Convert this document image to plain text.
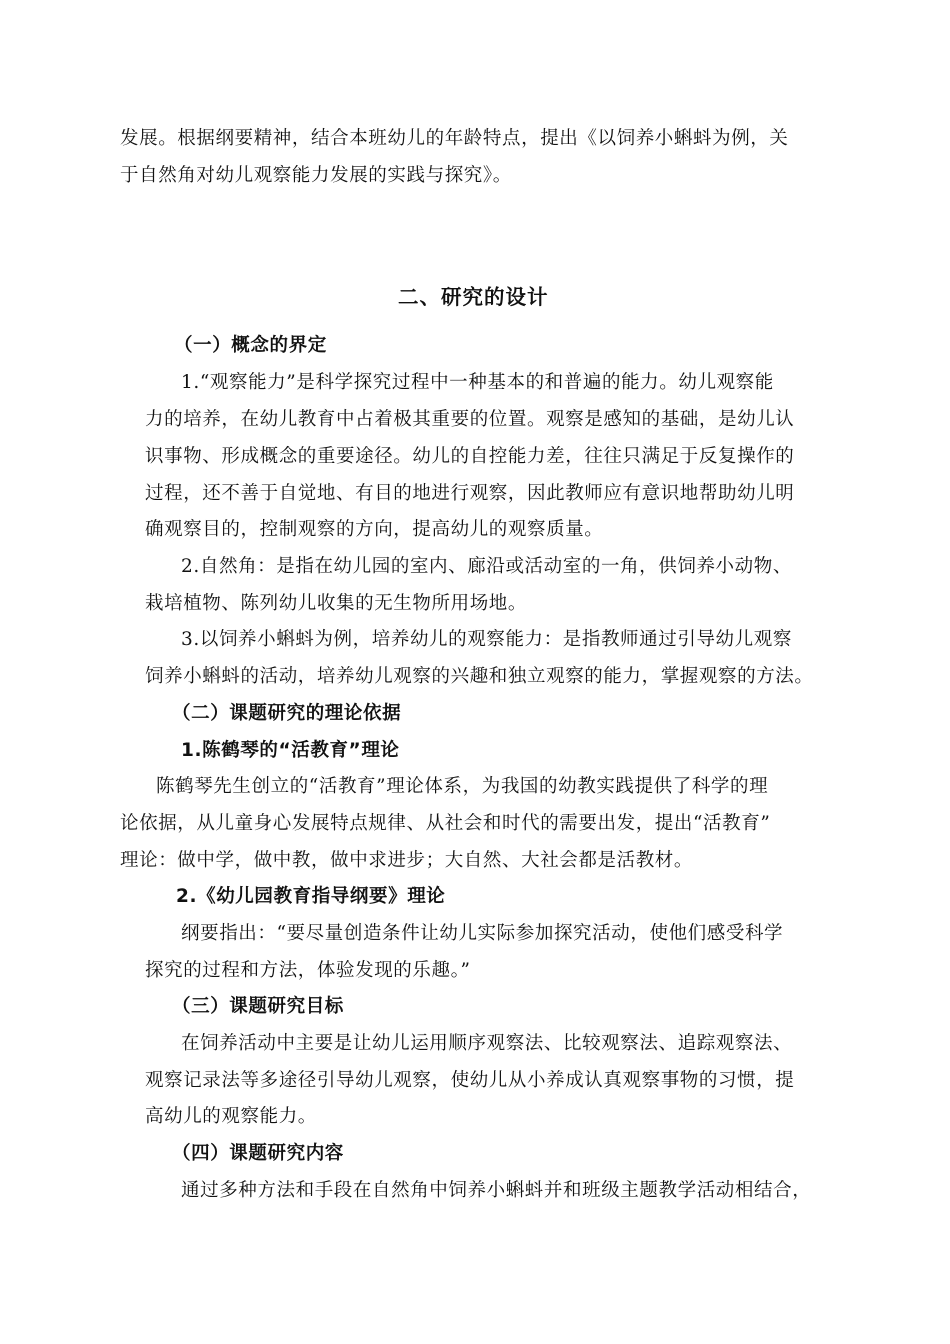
发展。根据纲要精神，结合本班幼儿的年龄特点，提出《以饲养小蝌蚪为例，关
于自然角对幼儿观察能力发展的实践与探究》。
二、研究的设计
（一）概念的界定
1.“观察能力”是科学探究过程中一种基本的和普遍的能力。幼儿观察能
力的培养，在幼儿教育中占着极其重要的位置。观察是感知的基础，是幼儿认
识事物、形成概念的重要途径。幼儿的自控能力差，往往只满足于反复操作的
过程，还不善于自觉地、有目的地进行观察，因此教师应有意识地帮助幼儿明
确观察目的，控制观察的方向，提高幼儿的观察质量。
2.自然角：是指在幼儿园的室内、廊沿或活动室的一角，供饲养小动物、
栽培植物、陈列幼儿收集的无生物所用场地。
3.以饲养小蝌蚪为例，培养幼儿的观察能力：是指教师通过引导幼儿观察
饲养小蝌蚪的活动，培养幼儿观察的兴趣和独立观察的能力，掌握观察的方法。
（二）课题研究的理论依据
1.陈鹤琴的“活教育”理论
陈鹤琴先生创立的“活教育”理论体系，为我国的幼教实践提供了科学的理
论依据，从儿童身心发展特点规律、从社会和时代的需要出发，提出“活教育”
理论：做中学，做中教，做中求进步；大自然、大社会都是活教材。
2.《幼儿园教育指导纲要》理论
纲要指出：“要尽量创造条件让幼儿实际参加探究活动，使他们感受科学
探究的过程和方法，体验发现的乐趣。”
（三）课题研究目标
在饲养活动中主要是让幼儿运用顺序观察法、比较观察法、追踪观察法、
观察记录法等多途径引导幼儿观察，使幼儿从小养成认真观察事物的习惯，提
高幼儿的观察能力。
（四）课题研究内容
通过多种方法和手段在自然角中饲养小蝌蚪并和班级主题教学活动相结合，
